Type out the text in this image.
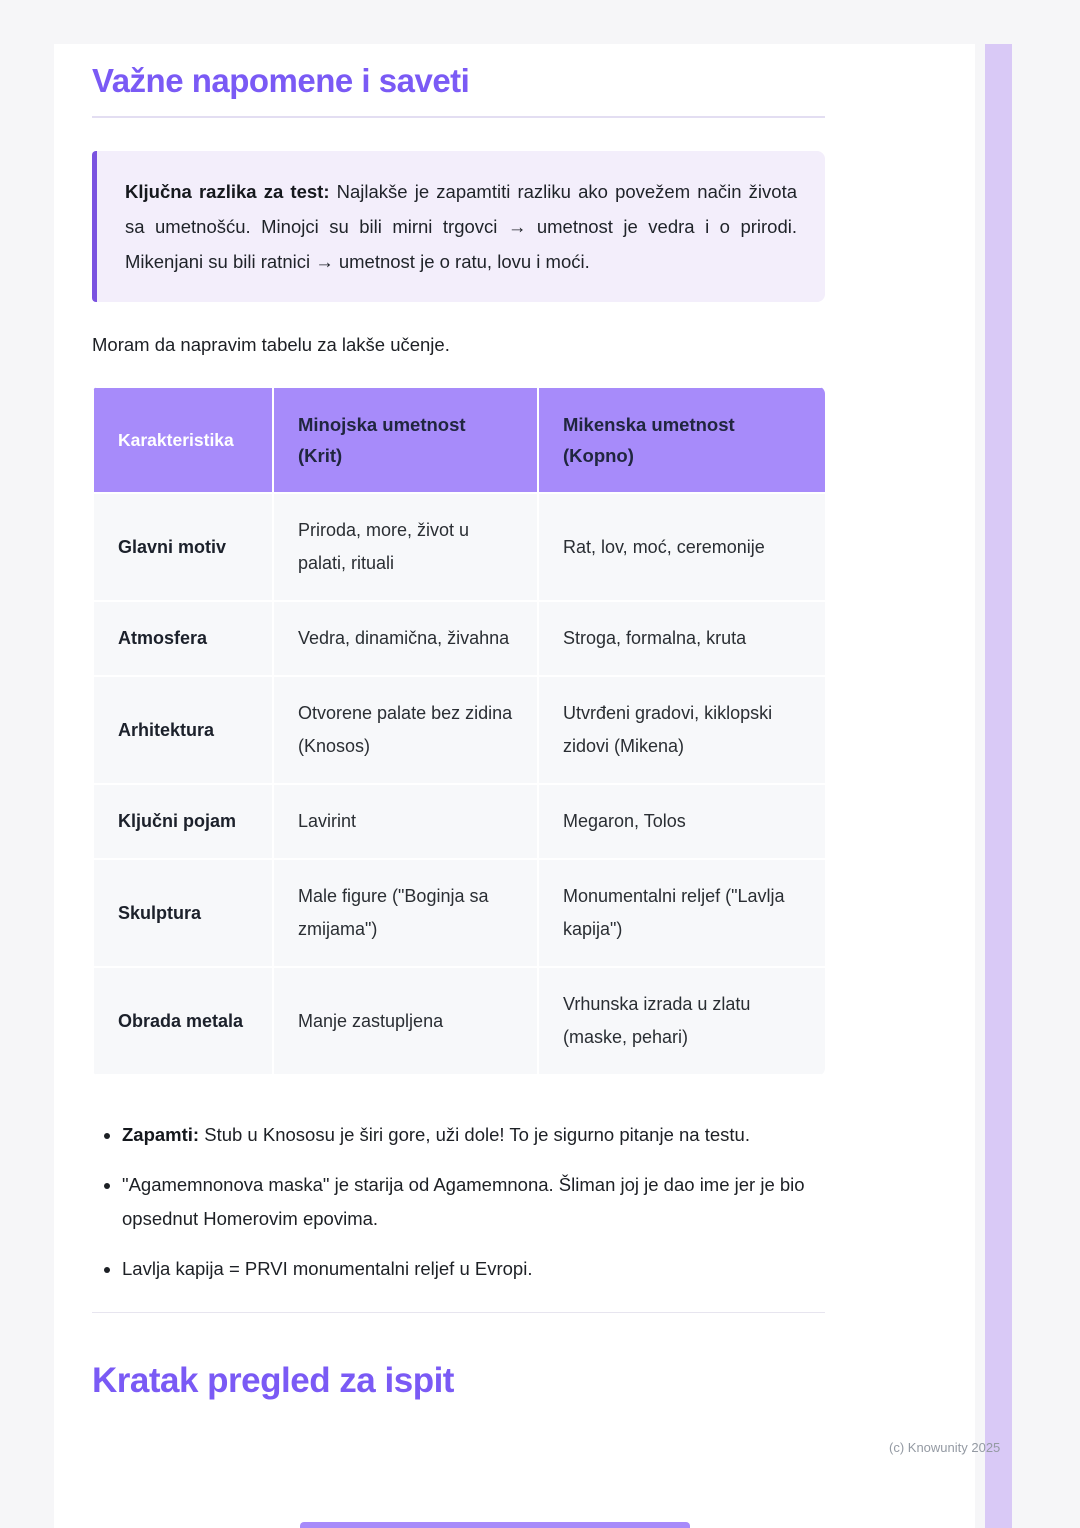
Važne napomene i saveti
Ključna razlika za test: Najlakše je zapamtiti razliku ako povežem način života sa umetnošću. Minojci su bili mirni trgovci → umetnost je vedra i o prirodi. Mikenjani su bili ratnici → umetnost je o ratu, lovu i moći.

Moram da napravim tabelu za lakše učenje.

Karakteristika	Minojska umetnost (Krit)	Mikenska umetnost (Kopno)
Glavni motiv	Priroda, more, život u palati, rituali	Rat, lov, moć, ceremonije
Atmosfera	Vedra, dinamična, živahna	Stroga, formalna, kruta
Arhitektura	Otvorene palate bez zidina (Knosos)	Utvrđeni gradovi, kiklopski zidovi (Mikena)
Ključni pojam	Lavirint	Megaron, Tolos
Skulptura	Male figure ("Boginja sa zmijama")	Monumentalni reljef ("Lavlja kapija")
Obrada metala	Manje zastupljena	Vrhunska izrada u zlatu (maske, pehari)
• Zapamti: Stub u Knososu je širi gore, uži dole! To je sigurno pitanje na testu.
• "Agamemnonova maska" je starija od Agamemnona. Šliman joj je dao ime jer je bio opsednut Homerovim epovima.
• Lavlja kapija = PRVI monumentalni reljef u Evropi.
Kratak pregled za ispit
(c) Knowunity 2025
